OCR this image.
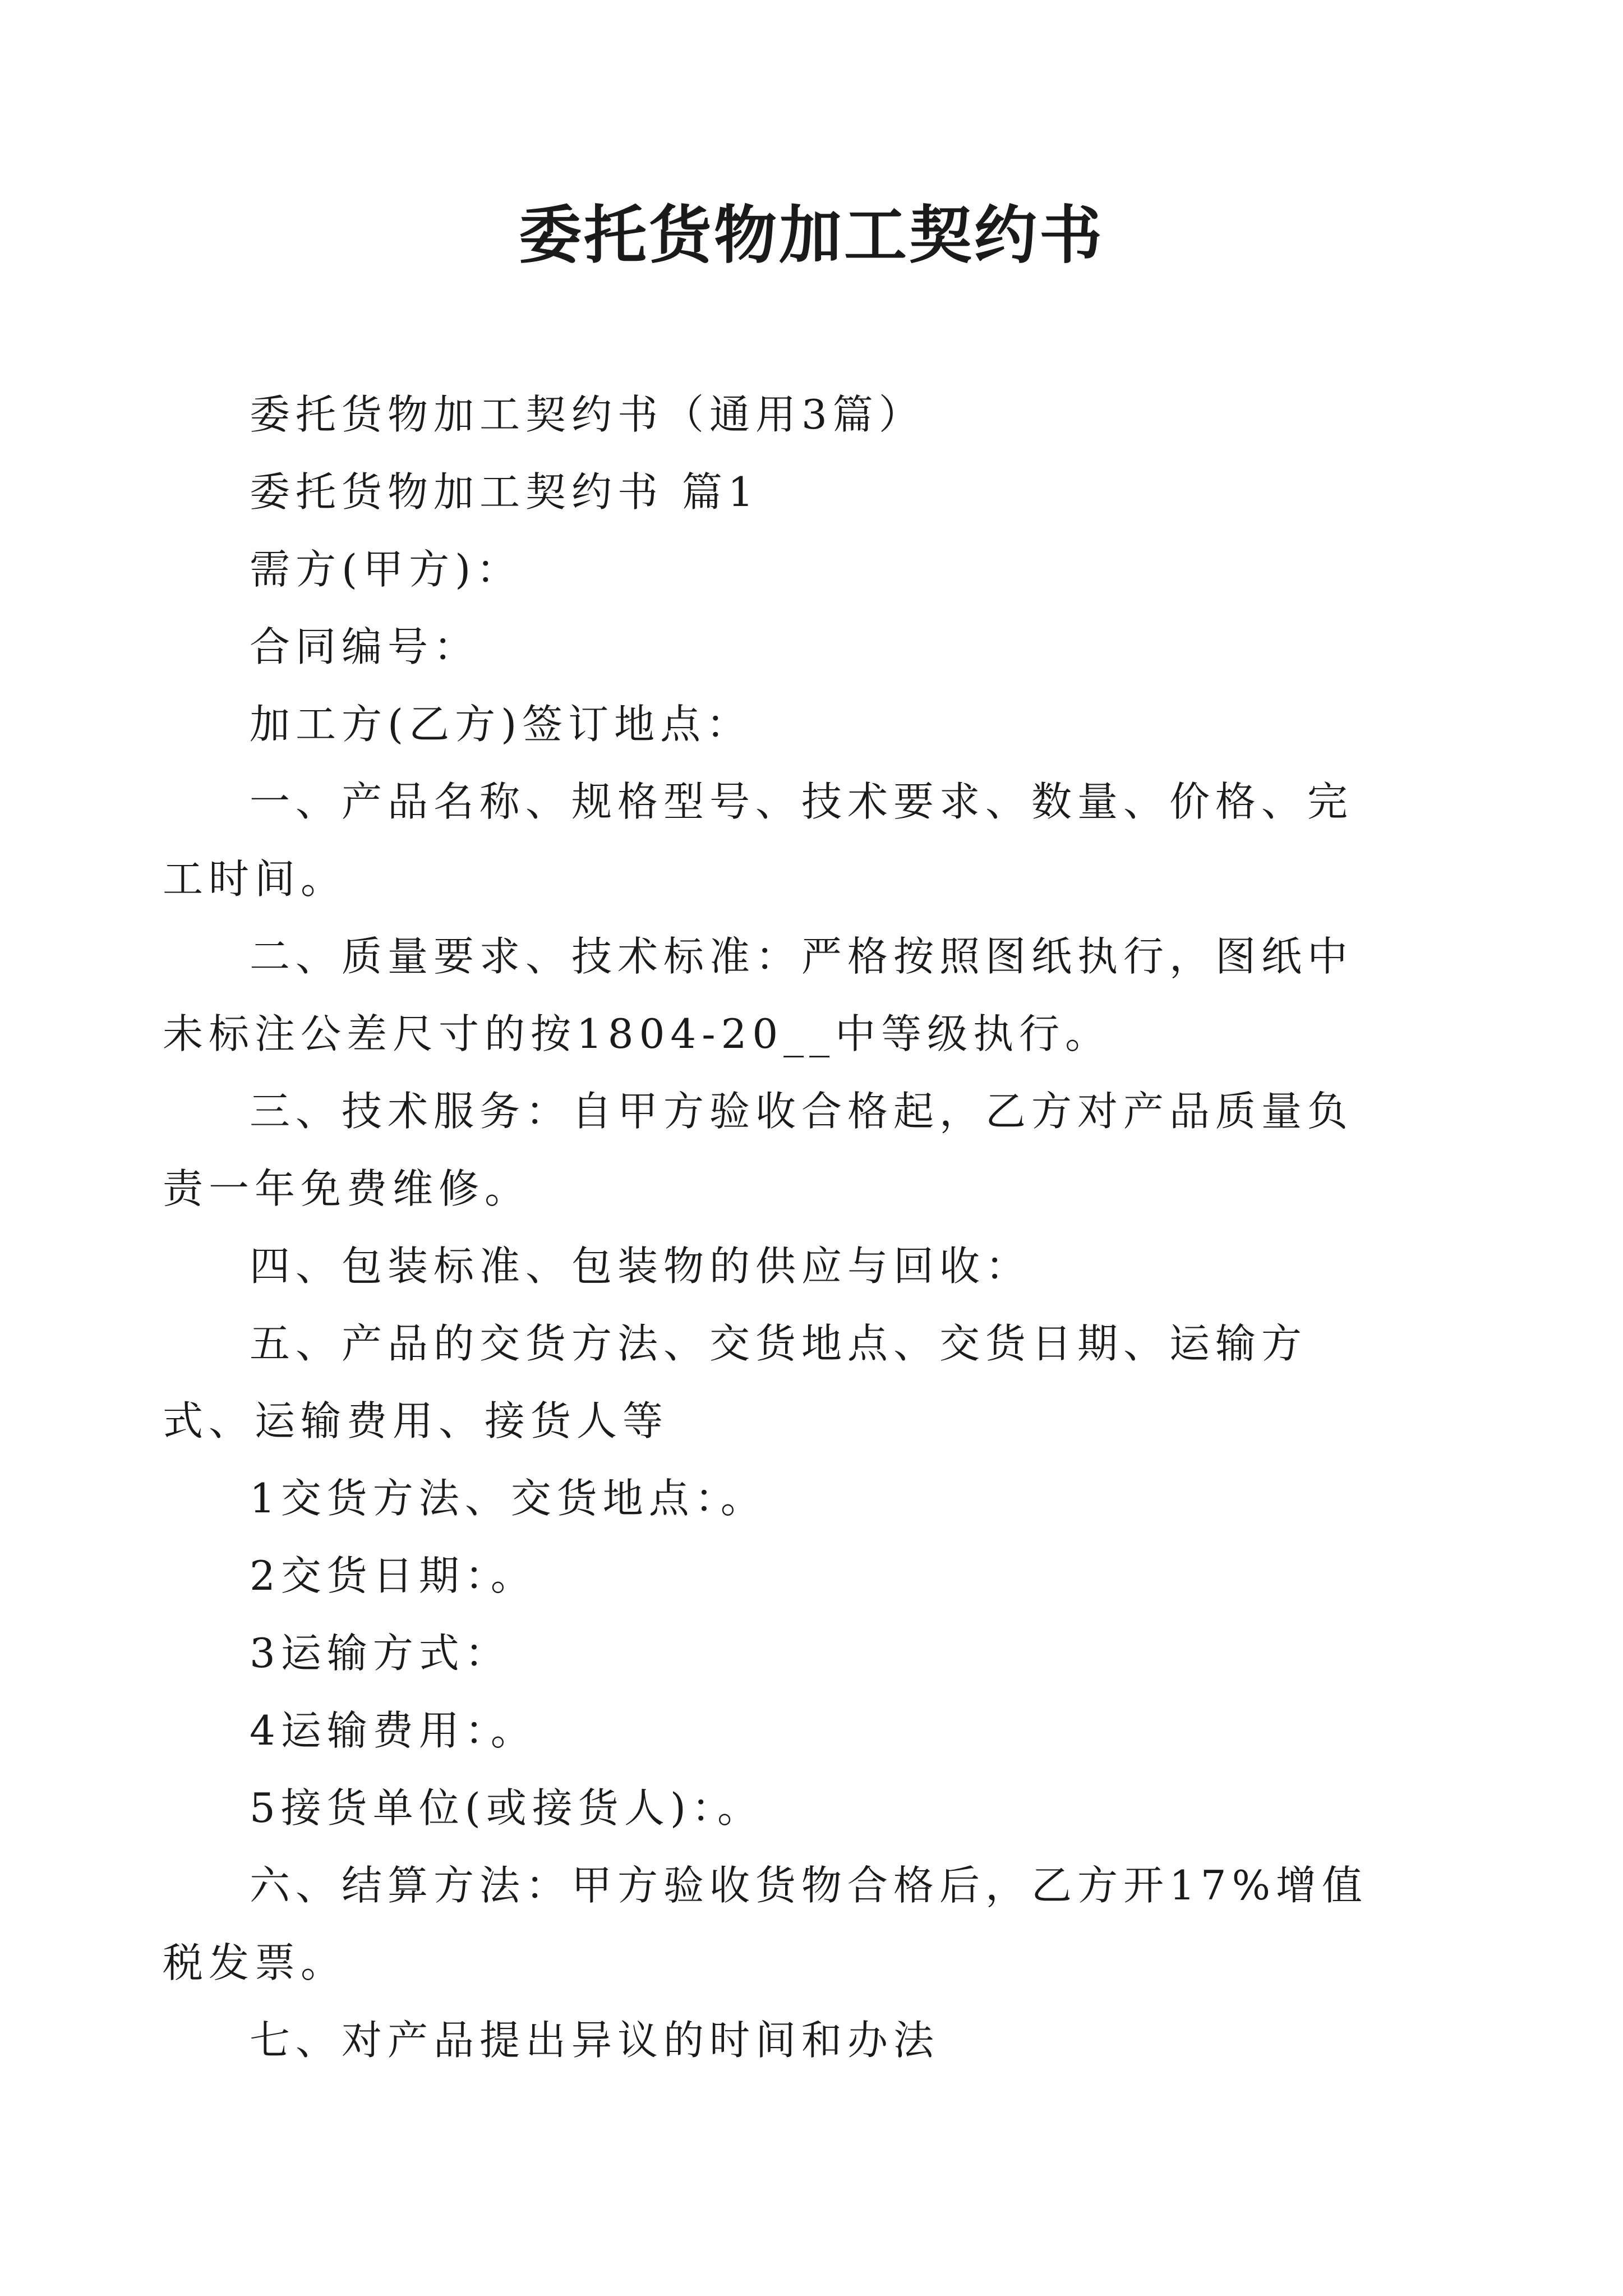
委托货物加工契约书

委托货物加工契约书（通用3篇）

委托货物加工契约书 篇1

需方(甲方)：

合同编号：

加工方(乙方)签订地点：

一、产品名称、规格型号、技术要求、数量、价格、完工时间。

二、质量要求、技术标准：严格按照图纸执行，图纸中未标注公差尺寸的按1804-20__中等级执行。

三、技术服务：自甲方验收合格起，乙方对产品质量负责一年免费维修。

四、包装标准、包装物的供应与回收：

五、产品的交货方法、交货地点、交货日期、运输方式、运输费用、接货人等

1交货方法、交货地点：。

2交货日期：。

3运输方式：

4运输费用：。

5接货单位(或接货人)：。

六、结算方法：甲方验收货物合格后，乙方开17%增值税发票。

七、对产品提出异议的时间和办法
